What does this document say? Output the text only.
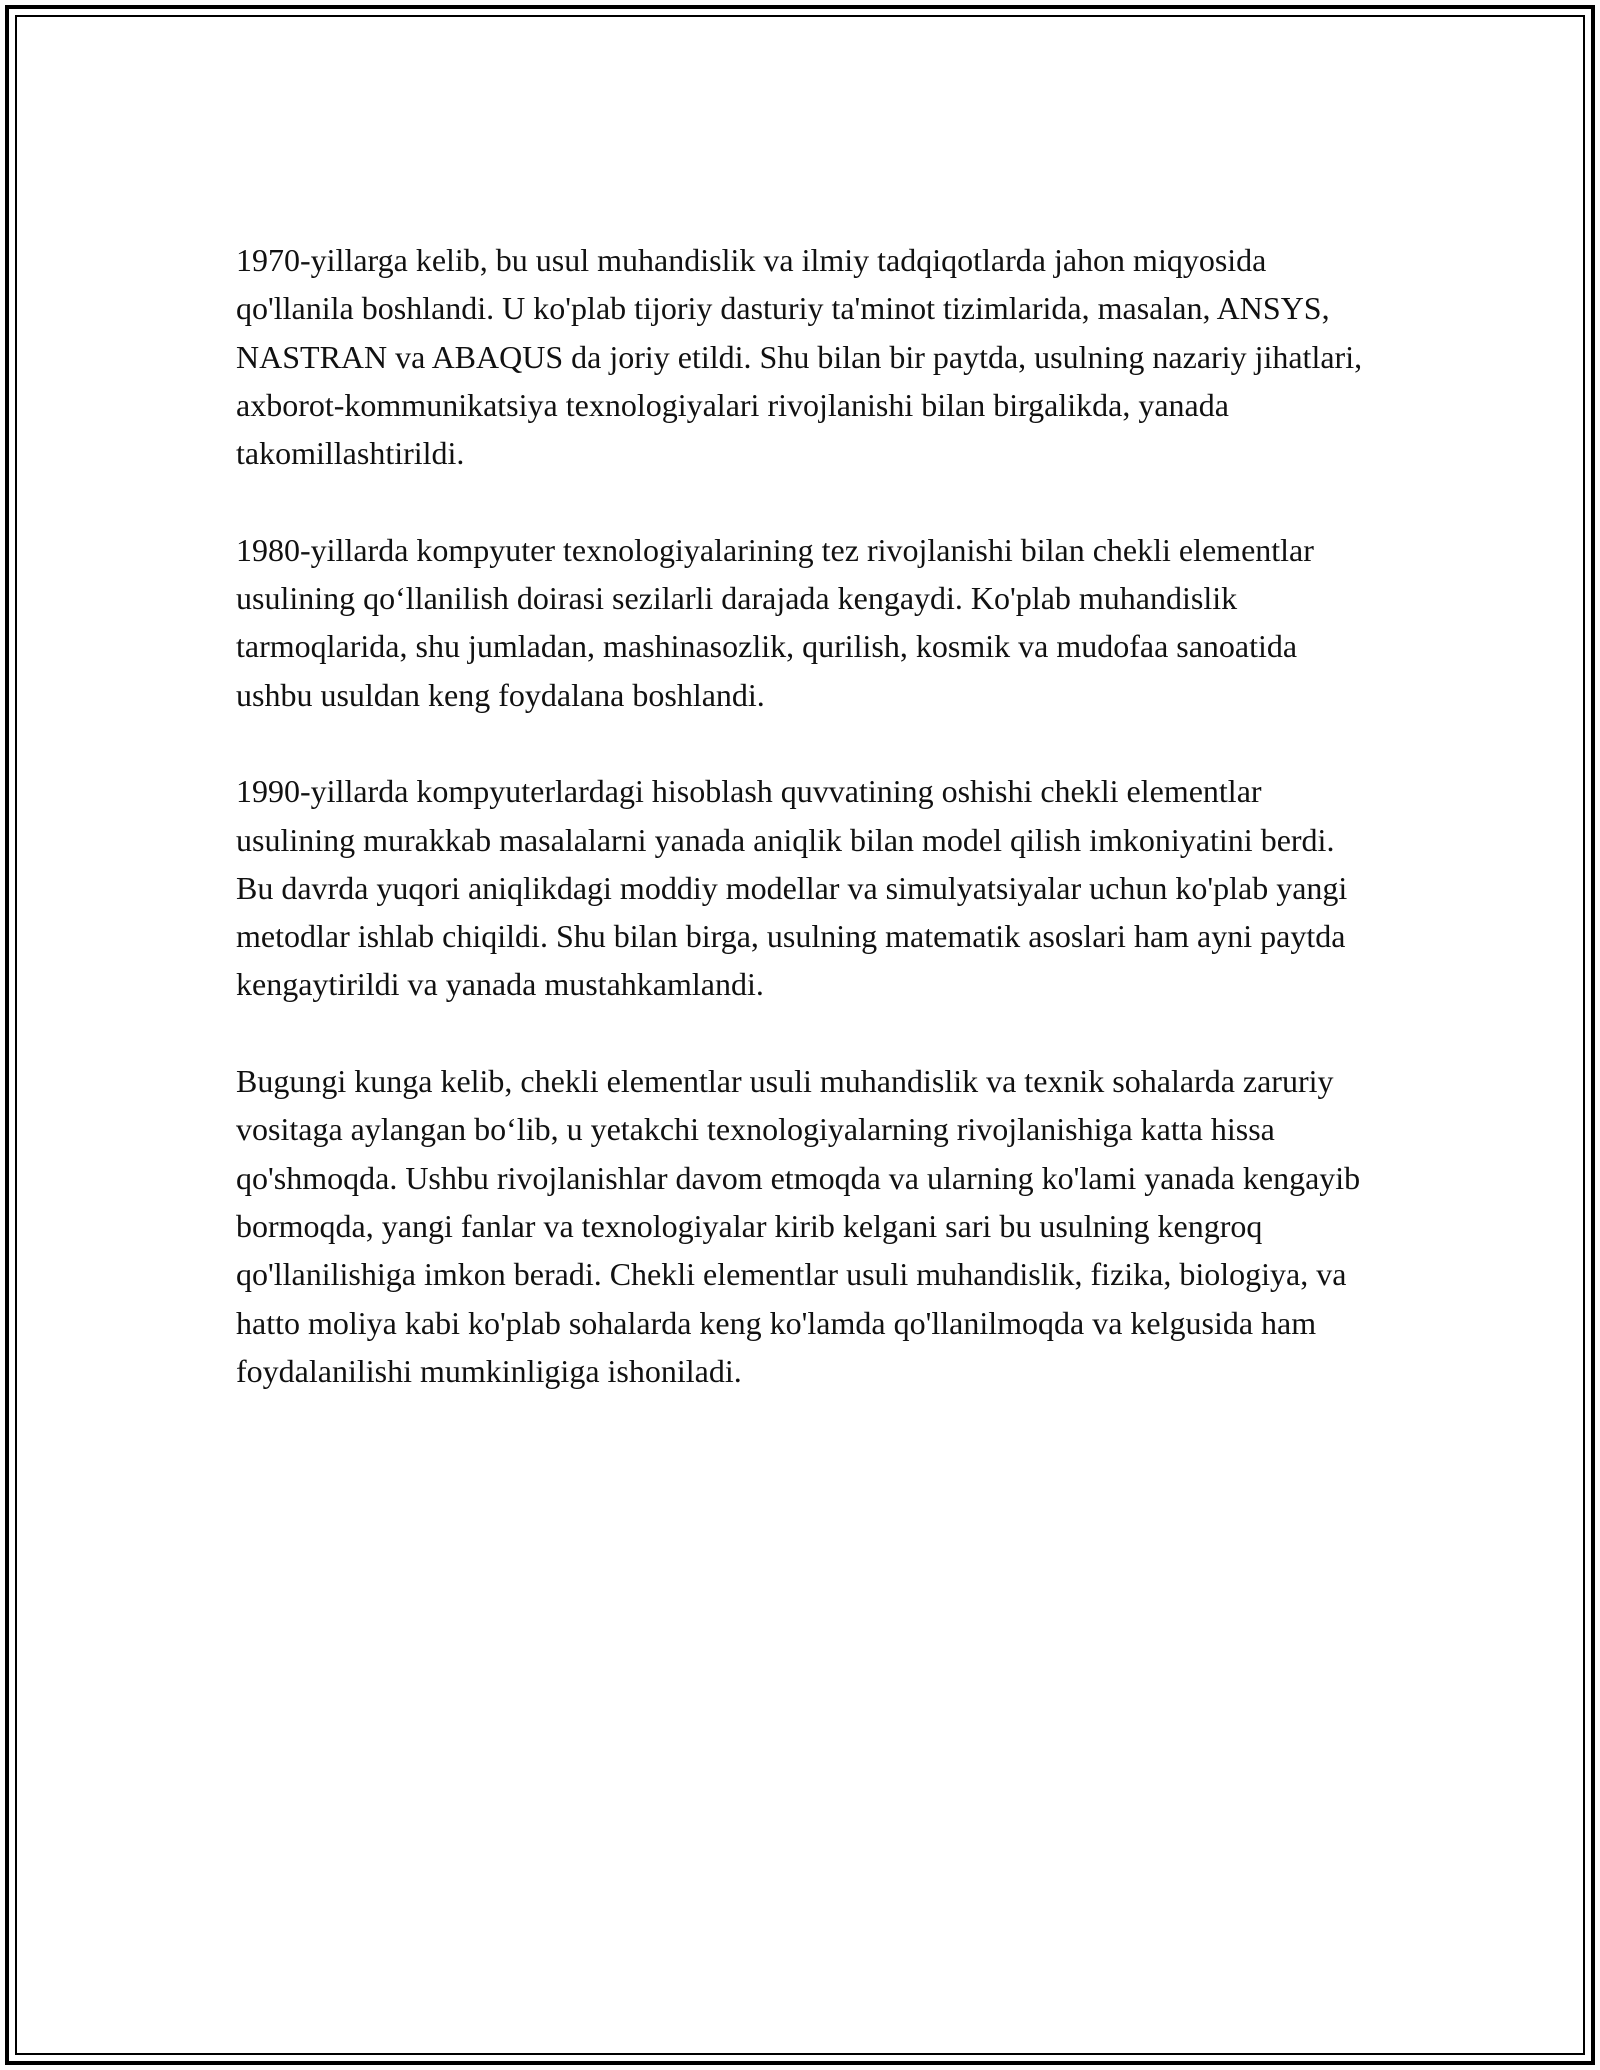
1970-yillarga kelib, bu usul muhandislik va ilmiy tadqiqotlarda jahon miqyosida qo'llanila boshlandi. U ko'plab tijoriy dasturiy ta'minot tizimlarida, masalan, ANSYS, NASTRAN va ABAQUS da joriy etildi. Shu bilan bir paytda, usulning nazariy jihatlari, axborot-kommunikatsiya texnologiyalari rivojlanishi bilan birgalikda, yanada takomillashtirildi.

1980-yillarda kompyuter texnologiyalarining tez rivojlanishi bilan chekli elementlar usulining qo‘llanilish doirasi sezilarli darajada kengaydi. Ko'plab muhandislik tarmoqlarida, shu jumladan, mashinasozlik, qurilish, kosmik va mudofaa sanoatida ushbu usuldan keng foydalana boshlandi.

1990-yillarda kompyuterlardagi hisoblash quvvatining oshishi chekli elementlar usulining murakkab masalalarni yanada aniqlik bilan model qilish imkoniyatini berdi. Bu davrda yuqori aniqlikdagi moddiy modellar va simulyatsiyalar uchun ko'plab yangi metodlar ishlab chiqildi. Shu bilan birga, usulning matematik asoslari ham ayni paytda kengaytirildi va yanada mustahkamlandi.

Bugungi kunga kelib, chekli elementlar usuli muhandislik va texnik sohalarda zaruriy vositaga aylangan bo‘lib, u yetakchi texnologiyalarning rivojlanishiga katta hissa qo'shmoqda. Ushbu rivojlanishlar davom etmoqda va ularning ko'lami yanada kengayib bormoqda, yangi fanlar va texnologiyalar kirib kelgani sari bu usulning kengroq qo'llanilishiga imkon beradi. Chekli elementlar usuli muhandislik, fizika, biologiya, va hatto moliya kabi ko'plab sohalarda keng ko'lamda qo'llanilmoqda va kelgusida ham foydalanilishi mumkinligiga ishoniladi.
